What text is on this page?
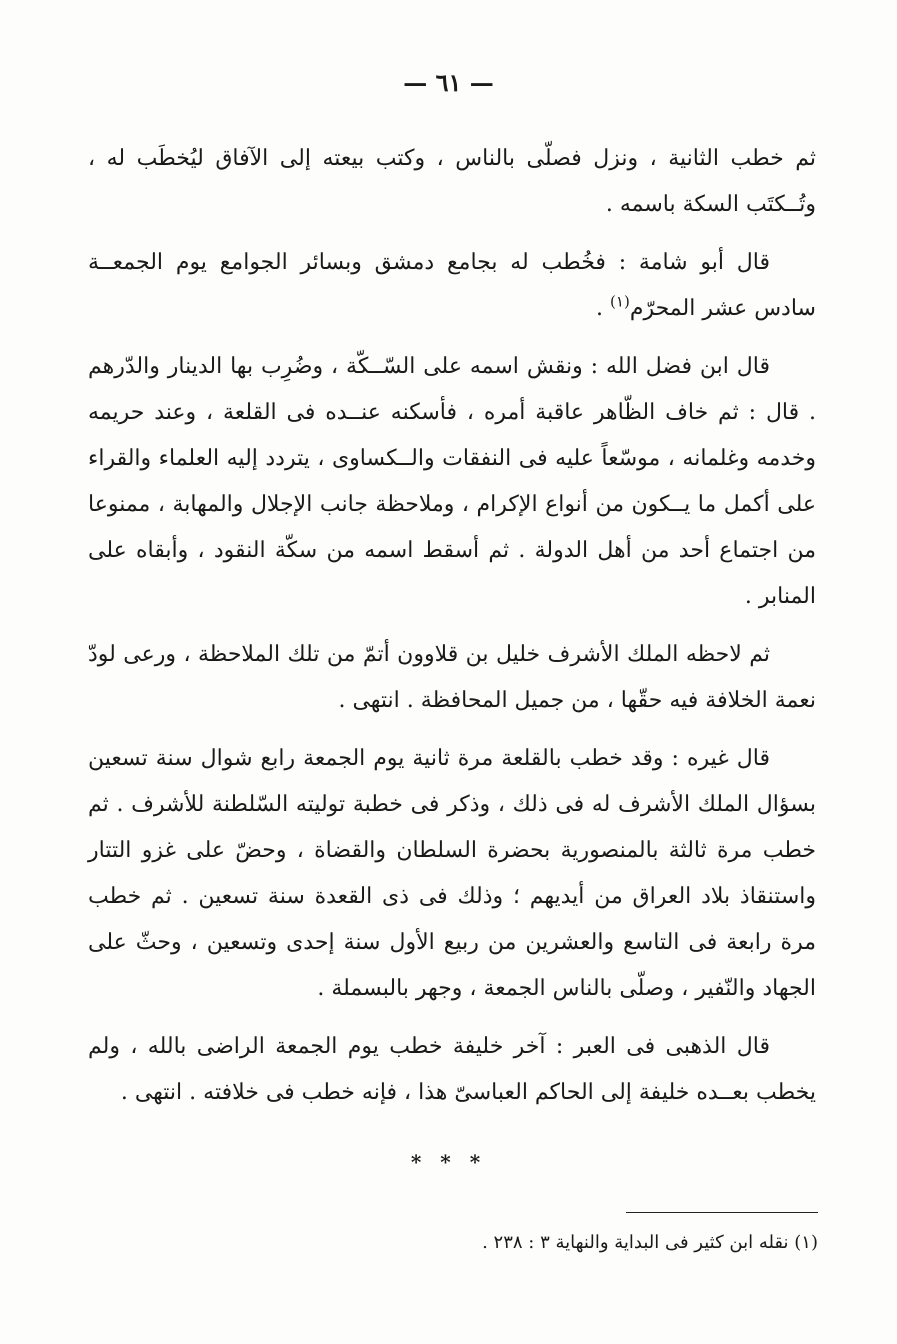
— ٦١ —

ثم خطب الثانية ، ونزل فصلّى بالناس ، وكتب بيعته إلى الآفاق ليُخطَب له ، وتُــكتَب السكة باسمه .

قال أبو شامة : فخُطب له بجامع دمشق وبسائر الجوامع يوم الجمعــة سادس عشر المحرّم$^{(١)}$ .

قال ابن فضل الله : ونقش اسمه على السّــكّة ، وضُرِب بها الدينار والدّرهم . قال : ثم خاف الظّاهر عاقبة أمره ، فأسكنه عنــده فى القلعة ، وعند حريمه وخدمه وغلمانه ، موسّعاً عليه فى النفقات والــكساوى ، يتردد إليه العلماء والقراء على أكمل ما يــكون من أنواع الإكرام ، وملاحظة جانب الإجلال والمهابة ، ممنوعا من اجتماع أحد من أهل الدولة . ثم أسقط اسمه من سكّة النقود ، وأبقاه على المنابر .

ثم لاحظه الملك الأشرف خليل بن قلاوون أتمّ من تلك الملاحظة ، ورعى لودّ نعمة الخلافة فيه حقّها ، من جميل المحافظة . انتهى .

قال غيره : وقد خطب بالقلعة مرة ثانية يوم الجمعة رابع شوال سنة تسعين بسؤال الملك الأشرف له فى ذلك ، وذكر فى خطبة توليته السّلطنة للأشرف . ثم خطب مرة ثالثة بالمنصورية بحضرة السلطان والقضاة ، وحضّ على غزو التتار واستنقاذ بلاد العراق من أيديهم ؛ وذلك فى ذى القعدة سنة تسعين . ثم خطب مرة رابعة فى التاسع والعشرين من ربيع الأول سنة إحدى وتسعين ، وحثّ على الجهاد والنّفير ، وصلّى بالناس الجمعة ، وجهر بالبسملة .

قال الذهبى فى العبر : آخر خليفة خطب يوم الجمعة الراضى بالله ، ولم يخطب بعــده خليفة إلى الحاكم العباسىّ هذا ، فإنه خطب فى خلافته . انتهى .

* * *
(١) نقله ابن كثير فى البداية والنهاية ٣ : ٢٣٨ .
